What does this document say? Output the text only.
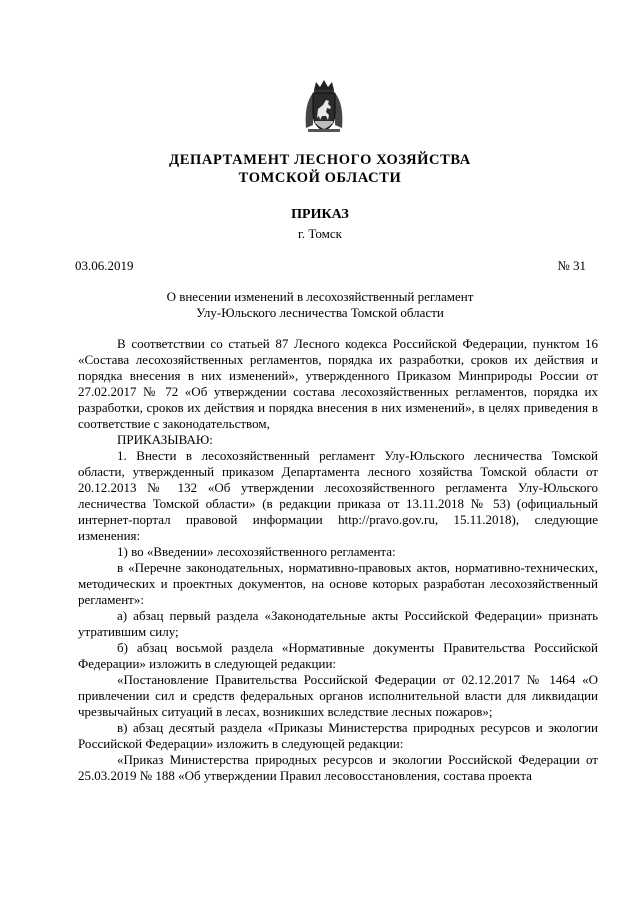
ДЕПАРТАМЕНТ ЛЕСНОГО ХОЗЯЙСТВА
ТОМСКОЙ ОБЛАСТИ
ПРИКАЗ
г. Томск
03.06.2019	№ 31
О внесении изменений в лесохозяйственный регламент
Улу-Юльского лесничества Томской области

В соответствии со статьей 87 Лесного кодекса Российской Федерации, пунктом 16 «Состава лесохозяйственных регламентов, порядка их разработки, сроков их действия и порядка внесения в них изменений», утвержденного Приказом Минприроды России от 27.02.2017 № 72 «Об утверждении состава лесохозяйственных регламентов, порядка их разработки, сроков их действия и порядка внесения в них изменений», в целях приведения в соответствие с законодательством,

ПРИКАЗЫВАЮ:

1. Внести в лесохозяйственный регламент Улу-Юльского лесничества Томской области, утвержденный приказом Департамента лесного хозяйства Томской области от 20.12.2013 № 132 «Об утверждении лесохозяйственного регламента Улу-Юльского лесничества Томской области» (в редакции приказа от 13.11.2018 № 53) (официальный интернет-портал правовой информации http://pravo.gov.ru, 15.11.2018), следующие изменения:

1) во «Введении» лесохозяйственного регламента:

в «Перечне законодательных, нормативно-правовых актов, нормативно-технических, методических и проектных документов, на основе которых разработан лесохозяйственный регламент»:

а) абзац первый раздела «Законодательные акты Российской Федерации» признать утратившим силу;

б) абзац восьмой раздела «Нормативные документы Правительства Российской Федерации» изложить в следующей редакции:

«Постановление Правительства Российской Федерации от 02.12.2017 № 1464 «О привлечении сил и средств федеральных органов исполнительной власти для ликвидации чрезвычайных ситуаций в лесах, возникших вследствие лесных пожаров»;

в) абзац десятый раздела «Приказы Министерства природных ресурсов и экологии Российской Федерации» изложить в следующей редакции:

«Приказ Министерства природных ресурсов и экологии Российской Федерации от 25.03.2019 № 188 «Об утверждении Правил лесовосстановления, состава проекта
